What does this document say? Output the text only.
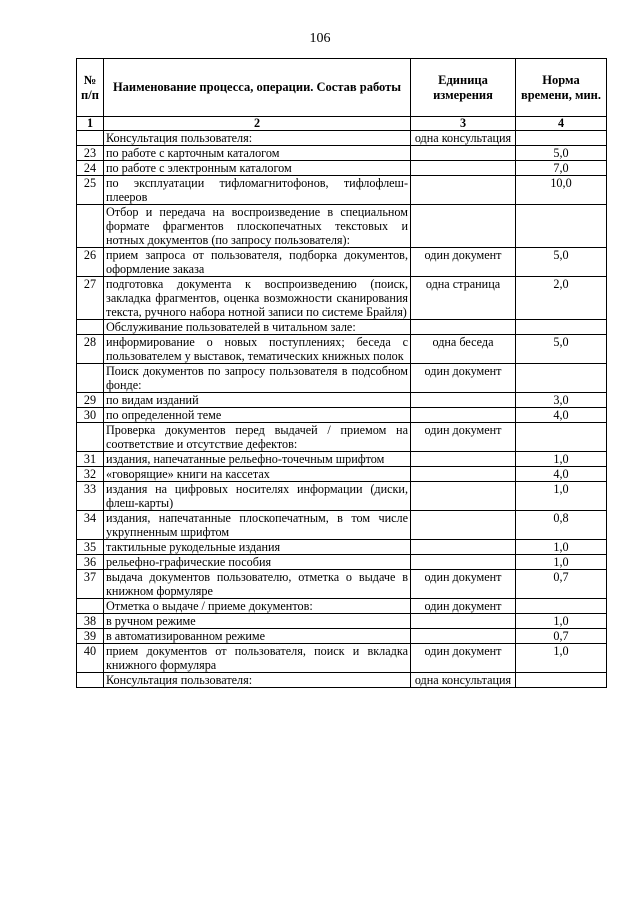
106
№ п/п	Наименование процесса, операции. Состав работы	Единица измерения	Норма времени, мин.
1	2	3	4
	Консультация пользователя:	одна консультация	
23	по работе с карточным каталогом		5,0
24	по работе с электронным каталогом		7,0
25	по эксплуатации тифломагнитофонов, тифлофлеш-плееров		10,0
	Отбор и передача на воспроизведение в специальном формате фрагментов плоскопечатных текстовых и нотных документов (по запросу пользователя):		
26	прием запроса от пользователя, подборка документов, оформление заказа	один документ	5,0
27	подготовка документа к воспроизведению (поиск, закладка фрагментов, оценка возможности сканирования текста, ручного набора нотной записи по системе Брайля)	одна страница	2,0
	Обслуживание пользователей в читальном зале:		
28	информирование о новых поступлениях; беседа с пользователем у выставок, тематических книжных полок	одна беседа	5,0
	Поиск документов по запросу пользователя в подсобном фонде:	один документ	
29	по видам изданий		3,0
30	по определенной теме		4,0
	Проверка документов перед выдачей / приемом на соответствие и отсутствие дефектов:	один документ	
31	издания, напечатанные рельефно-точечным шрифтом		1,0
32	«говорящие» книги на кассетах		4,0
33	издания на цифровых носителях информации (диски, флеш-карты)		1,0
34	издания, напечатанные плоскопечатным, в том числе укрупненным шрифтом		0,8
35	тактильные рукодельные издания		1,0
36	рельефно-графические пособия		1,0
37	выдача документов пользователю, отметка о выдаче в книжном формуляре	один документ	0,7
	Отметка о выдаче / приеме документов:	один документ	
38	в ручном режиме		1,0
39	в автоматизированном режиме		0,7
40	прием документов от пользователя, поиск и вкладка книжного формуляра	один документ	1,0
	Консультация пользователя:	одна консультация	
